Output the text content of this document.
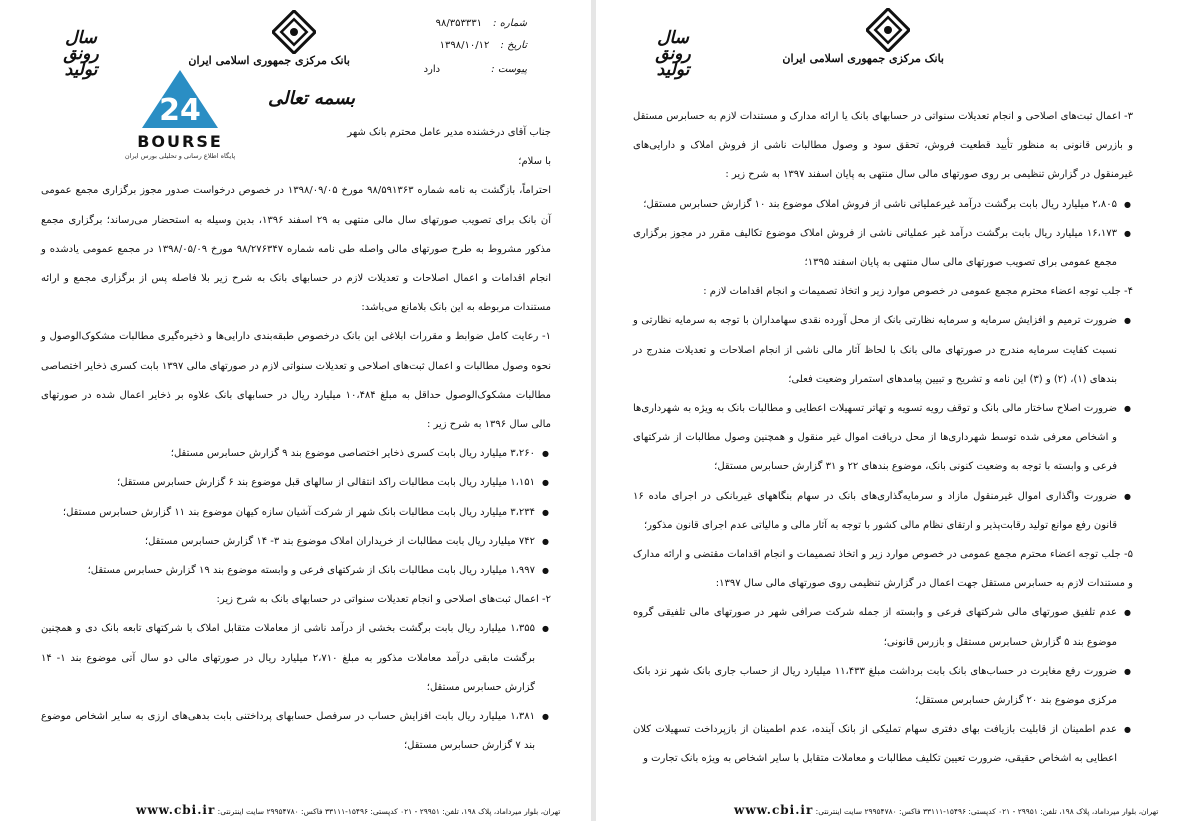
سال رونق
تولید	بانک مرکزی جمهوری اسلامی ایران
شماره : ۹۸/۳۵۳۳۳۱
تاریخ : ۱۳۹۸/۱۰/۱۲
پیوست : دارد
بسمه تعالی
24
BOURSE
پایگاه اطلاع رسانی و تحلیلی بورس ایران

جناب آقای درخشنده مدیر عامل محترم بانک شهر

با سلام؛

احتراماً، بازگشت به نامه شماره ۹۸/۵۹۱۳۶۳ مورخ ۱۳۹۸/۰۹/۰۵ در خصوص درخواست صدور مجوز برگزاری مجمع عمومی آن بانک برای تصویب صورتهای سال مالی منتهی به ۲۹ اسفند ۱۳۹۶، بدین وسیله به استحضار می‌رساند؛ برگزاری مجمع مذکور مشروط به طرح صورتهای مالی واصله طی نامه شماره ۹۸/۲۷۶۳۴۷ مورخ ۱۳۹۸/۰۵/۰۹ در مجمع عمومی یادشده و انجام اقدامات و اعمال اصلاحات و تعدیلات لازم در حسابهای بانک به شرح زیر بلا فاصله پس از برگزاری مجمع و ارائه مستندات مربوطه به این بانک بلامانع می‌باشد:

۱- رعایت کامل ضوابط و مقررات ابلاغی این بانک درخصوص طبقه‌بندی دارایی‌ها و ذخیره‌گیری مطالبات مشکوک‌الوصول و نحوه وصول مطالبات و اعمال ثبت‌های اصلاحی و تعدیلات سنواتی لازم در صورتهای مالی ۱۳۹۷ بابت کسری ذخایر اختصاصی مطالبات مشکوک‌الوصول حداقل به مبلغ ۱۰،۴۸۴ میلیارد ریال در حسابهای بانک علاوه بر ذخایر اعمال شده در صورتهای مالی سال ۱۳۹۶ به شرح زیر :

● ۳،۲۶۰ میلیارد ریال بابت کسری ذخایر اختصاصی موضوع بند ۹ گزارش حسابرس مستقل؛
● ۱،۱۵۱ میلیارد ریال بابت مطالبات راکد انتقالی از سالهای قبل موضوع بند ۶ گزارش حسابرس مستقل؛
● ۳،۲۳۴ میلیارد ریال بابت مطالبات بانک شهر از شرکت آشیان سازه کیهان موضوع بند ۱۱ گزارش حسابرس مستقل؛
● ۷۴۲ میلیارد ریال بابت مطالبات از خریداران املاک موضوع بند ۳- ۱۴ گزارش حسابرس مستقل؛
● ۱،۹۹۷ میلیارد ریال بابت مطالبات بانک از شرکتهای فرعی و وابسته موضوع بند ۱۹ گزارش حسابرس مستقل؛

۲- اعمال ثبت‌های اصلاحی و انجام تعدیلات سنواتی در حسابهای بانک به شرح زیر:

● ۱،۳۵۵ میلیارد ریال بابت برگشت بخشی از درآمد ناشی از معاملات متقابل املاک با شرکتهای تابعه بانک دی و همچنین برگشت مابقی درآمد معاملات مذکور به مبلغ ۲،۷۱۰ میلیارد ریال در صورتهای مالی دو سال آتی موضوع بند ۱- ۱۴ گزارش حسابرس مستقل؛
● ۱،۳۸۱ میلیارد ریال بابت افزایش حساب در سرفصل حسابهای پرداختنی بابت بدهی‌های ارزی به سایر اشخاص موضوع بند ۷ گزارش حسابرس مستقل؛
تهران، بلوار میرداماد، پلاک ۱۹۸، تلفن: ۲۹۹۵۱ - ۰۲۱ کدپستی: ۱۵۴۹۶-۳۳۱۱۱ فاکس: ۲۹۹۵۴۷۸۰ سایت اینترنتی: www.cbi.ir
سال رونق
تولید
بانک مرکزی جمهوری اسلامی ایران

۳- اعمال ثبت‌های اصلاحی و انجام تعدیلات سنواتی در حسابهای بانک یا ارائه مدارک و مستندات لازم به حسابرس مستقل و بازرس قانونی به منظور تأیید قطعیت فروش، تحقق سود و وصول مطالبات ناشی از فروش املاک و دارایی‌های غیرمنقول در گزارش تنظیمی بر روی صورتهای مالی سال منتهی به پایان اسفند ۱۳۹۷ به شرح زیر :

● ۲،۸۰۵ میلیارد ریال بابت برگشت درآمد غیرعملیاتی ناشی از فروش املاک موضوع بند ۱۰ گزارش حسابرس مستقل؛
● ۱۶،۱۷۳ میلیارد ریال بابت برگشت درآمد غیر عملیاتی ناشی از فروش املاک موضوع تکالیف مقرر در مجوز برگزاری مجمع عمومی برای تصویب صورتهای مالی سال منتهی به پایان اسفند ۱۳۹۵؛

۴- جلب توجه اعضاء محترم مجمع عمومی در خصوص موارد زیر و اتخاذ تصمیمات و انجام اقدامات لازم :

● ضرورت ترمیم و افزایش سرمایه و سرمایه نظارتی بانک از محل آورده نقدی سهامداران با توجه به سرمایه نظارتی و نسبت کفایت سرمایه مندرج در صورتهای مالی بانک با لحاظ آثار مالی ناشی از انجام اصلاحات و تعدیلات مندرج در بندهای (۱)، (۲) و (۳) این نامه و تشریح و تبیین پیامدهای استمرار وضعیت فعلی؛
● ضرورت اصلاح ساختار مالی بانک و توقف رویه تسویه و تهاتر تسهیلات اعطایی و مطالبات بانک به ویژه به شهرداری‌ها و اشخاص معرفی شده توسط شهرداری‌ها از محل دریافت اموال غیر منقول و همچنین وصول مطالبات از شرکتهای فرعی و وابسته با توجه به وضعیت کنونی بانک، موضوع بندهای ۲۲ و ۳۱ گزارش حسابرس مستقل؛
● ضرورت واگذاری اموال غیرمنقول مازاد و سرمایه‌گذاری‌های بانک در سهام بنگاههای غیربانکی در اجرای ماده ۱۶ قانون رفع موانع تولید رقابت‌پذیر و ارتقای نظام مالی کشور با توجه به آثار مالی و مالیاتی عدم اجرای قانون مذکور؛

۵- جلب توجه اعضاء محترم مجمع عمومی در خصوص موارد زیر و اتخاذ تصمیمات و انجام اقدامات مقتضی و ارائه مدارک و مستندات لازم به حسابرس مستقل جهت اعمال در گزارش تنظیمی روی صورتهای مالی سال ۱۳۹۷:

● عدم تلفیق صورتهای مالی شرکتهای فرعی و وابسته از جمله شرکت صرافی شهر در صورتهای مالی تلفیقی گروه موضوع بند ۵ گزارش حسابرس مستقل و بازرس قانونی؛
● ضرورت رفع مغایرت در حساب‌های بانک بابت برداشت مبلغ ۱۱،۴۳۳ میلیارد ریال از حساب جاری بانک شهر نزد بانک مرکزی موضوع بند ۲۰ گزارش حسابرس مستقل؛
● عدم اطمینان از قابلیت بازیافت بهای دفتری سهام تملیکی از بانک آینده، عدم اطمینان از بازپرداخت تسهیلات کلان اعطایی به اشخاص حقیقی، ضرورت تعیین تکلیف مطالبات و معاملات متقابل با سایر اشخاص به ویژه بانک تجارت و
تهران، بلوار میرداماد، پلاک ۱۹۸، تلفن: ۲۹۹۵۱ - ۰۲۱ کدپستی: ۱۵۴۹۶-۳۳۱۱۱ فاکس: ۲۹۹۵۴۷۸۰ سایت اینترنتی: www.cbi.ir
